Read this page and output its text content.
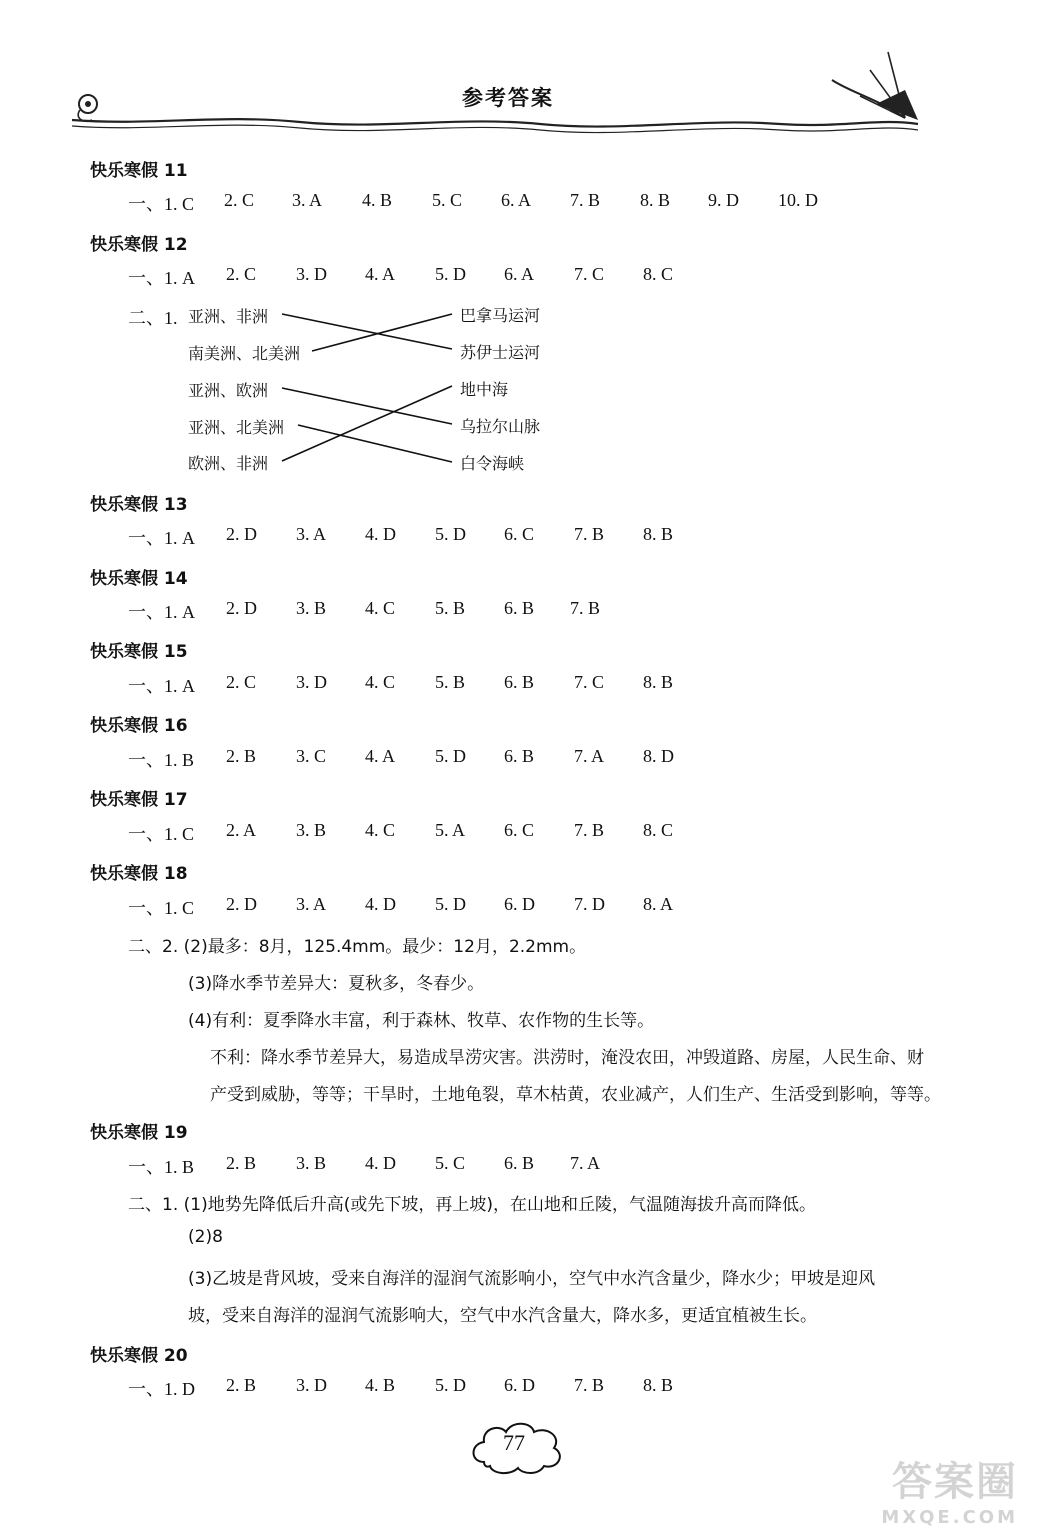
参考答案
快乐寒假 11
一、1. C 2. C 3. A 4. B 5. C 6. A 7. B 8. B 9. D 10. D
快乐寒假 12
一、1. A 2. C 3. D 4. A 5. D 6. A 7. C 8. C
二、1. 亚洲、非洲
南美洲、北美洲
亚洲、欧洲
亚洲、北美洲
欧洲、非洲
巴拿马运河
苏伊士运河
地中海
乌拉尔山脉
白令海峡
快乐寒假 13
一、1. A 2. D 3. A 4. D 5. D 6. C 7. B 8. B
快乐寒假 14
一、1. A 2. D 3. B 4. C 5. B 6. B 7. B
快乐寒假 15
一、1. A 2. C 3. D 4. C 5. B 6. B 7. C 8. B
快乐寒假 16
一、1. B 2. B 3. C 4. A 5. D 6. B 7. A 8. D
快乐寒假 17
一、1. C 2. A 3. B 4. C 5. A 6. C 7. B 8. C
快乐寒假 18
一、1. C 2. D 3. A 4. D 5. D 6. D 7. D 8. A
二、2. (2)最多：8月，125.4mm。最少：12月，2.2mm。
(3)降水季节差异大：夏秋多，冬春少。
(4)有利：夏季降水丰富，利于森林、牧草、农作物的生长等。
不利：降水季节差异大，易造成旱涝灾害。洪涝时，淹没农田，冲毁道路、房屋，人民生命、财
产受到威胁，等等；干旱时，土地龟裂，草木枯黄，农业减产，人们生产、生活受到影响，等等。
快乐寒假 19
一、1. B 2. B 3. B 4. D 5. C 6. B 7. A
二、1. (1)地势先降低后升高(或先下坡，再上坡)，在山地和丘陵，气温随海拔升高而降低。
(2)8
(3)乙坡是背风坡，受来自海洋的湿润气流影响小，空气中水汽含量少，降水少；甲坡是迎风
坡，受来自海洋的湿润气流影响大，空气中水汽含量大，降水多，更适宜植被生长。
快乐寒假 20
一、1. D 2. B 3. D 4. B 5. D 6. D 7. B 8. B
77
答案圈
MXQE.COM
